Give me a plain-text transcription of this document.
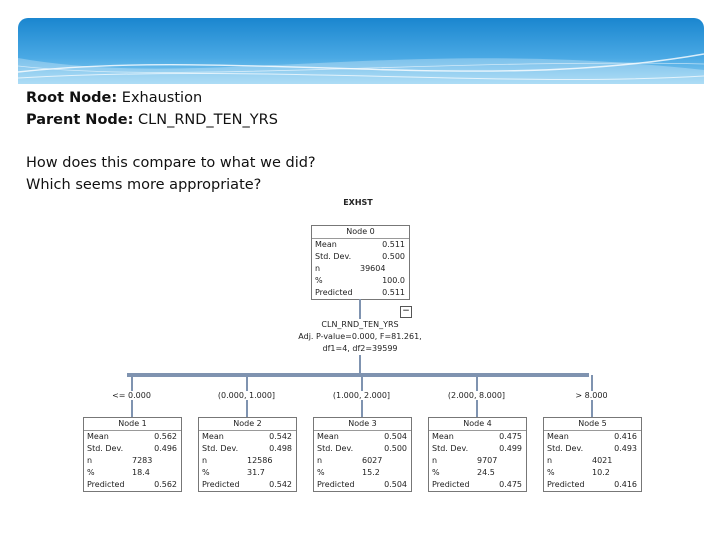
Root Node: Exhaustion
Parent Node: CLN_RND_TEN_YRS
How does this compare to what we did?
Which seems more appropriate?
EXHST
Node 0
Mean	0.511
Std. Dev.	0.500
n	39604
%	100.0
Predicted	0.511
−
CLN_RND_TEN_YRS
Adj. P-value=0.000, F=81.261,
df1=4, df2=39599
<= 0.000
Node 1
Mean	0.562
Std. Dev.	0.496
n	7283
%	18.4
Predicted	0.562
(0.000, 1.000]
Node 2
Mean	0.542
Std. Dev.	0.498
n	12586
%	31.7
Predicted	0.542
(1.000, 2.000]
Node 3
Mean	0.504
Std. Dev.	0.500
n	6027
%	15.2
Predicted	0.504
(2.000, 8.000]
Node 4
Mean	0.475
Std. Dev.	0.499
n	9707
%	24.5
Predicted	0.475
> 8.000
Node 5
Mean	0.416
Std. Dev.	0.493
n	4021
%	10.2
Predicted	0.416
